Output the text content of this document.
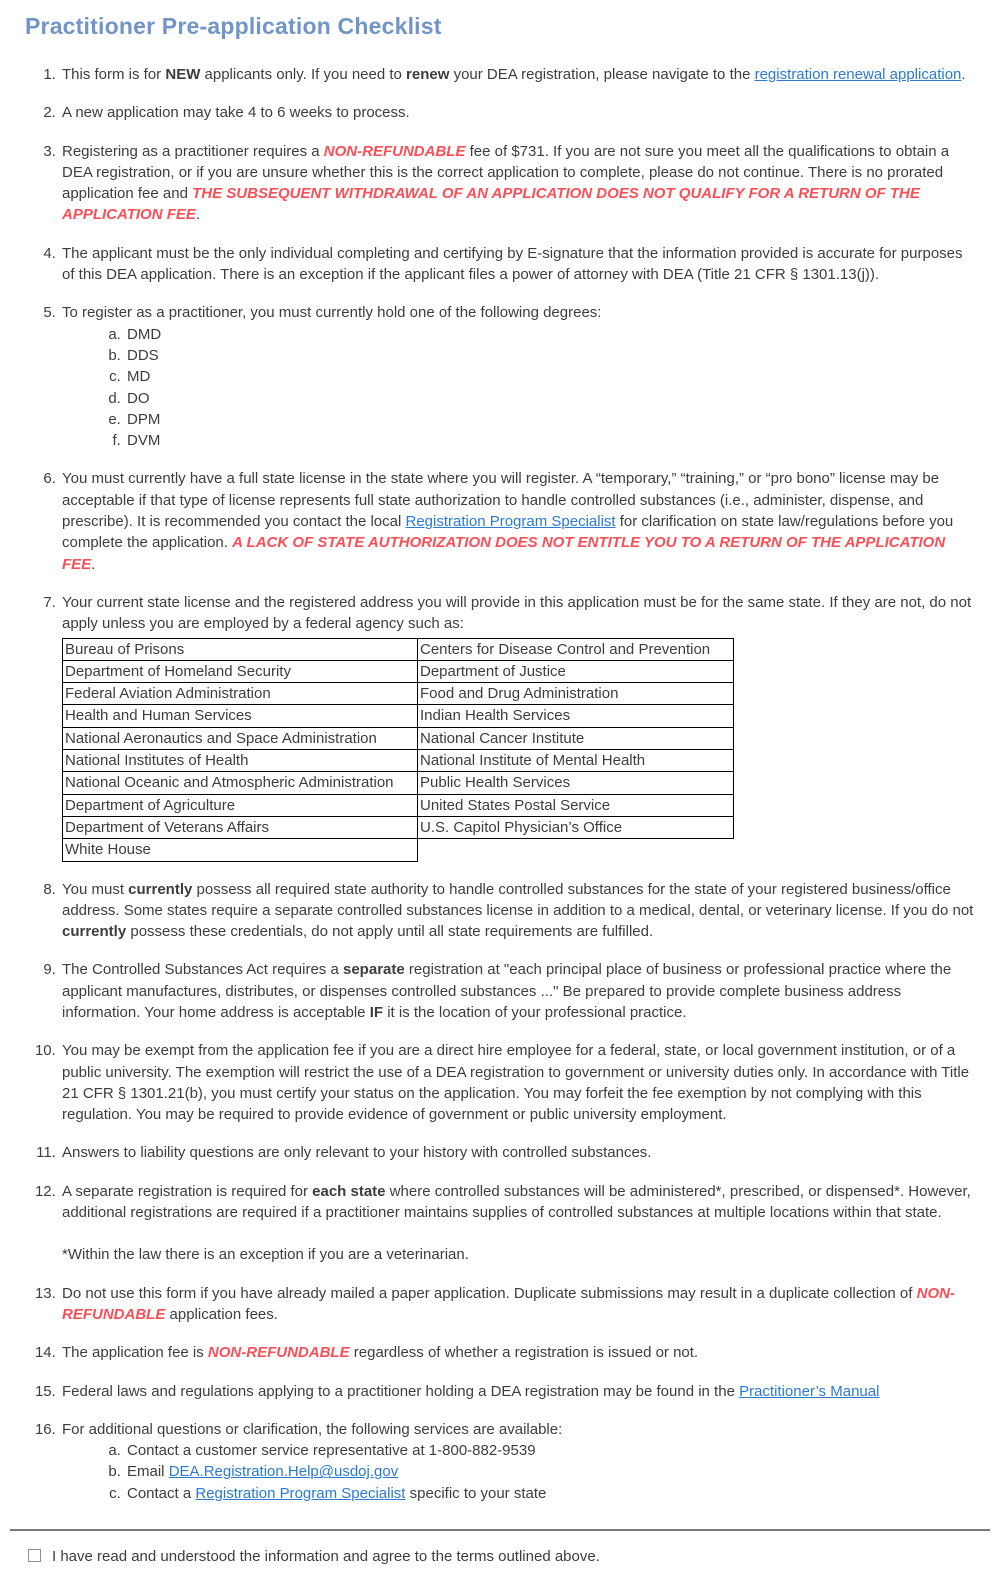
Practitioner Pre-application Checklist
1. This form is for NEW applicants only. If you need to renew your DEA registration, please navigate to the registration renewal application.
2. A new application may take 4 to 6 weeks to process.
3. Registering as a practitioner requires a NON-REFUNDABLE fee of $731. If you are not sure you meet all the qualifications to obtain a DEA registration, or if you are unsure whether this is the correct application to complete, please do not continue. There is no prorated application fee and THE SUBSEQUENT WITHDRAWAL OF AN APPLICATION DOES NOT QUALIFY FOR A RETURN OF THE APPLICATION FEE.
4. The applicant must be the only individual completing and certifying by E-signature that the information provided is accurate for purposes of this DEA application. There is an exception if the applicant files a power of attorney with DEA (Title 21 CFR § 1301.13(j)).
5. To register as a practitioner, you must currently hold one of the following degrees:
a. DMD
b. DDS
c. MD
d. DO
e. DPM
f. DVM
6. You must currently have a full state license in the state where you will register. A “temporary,” “training,” or “pro bono” license may be acceptable if that type of license represents full state authorization to handle controlled substances (i.e., administer, dispense, and prescribe). It is recommended you contact the local Registration Program Specialist for clarification on state law/regulations before you complete the application. A LACK OF STATE AUTHORIZATION DOES NOT ENTITLE YOU TO A RETURN OF THE APPLICATION FEE.
7. Your current state license and the registered address you will provide in this application must be for the same state. If they are not, do not apply unless you are employed by a federal agency such as:
Bureau of Prisons	Centers for Disease Control and Prevention
Department of Homeland Security	Department of Justice
Federal Aviation Administration	Food and Drug Administration
Health and Human Services	Indian Health Services
National Aeronautics and Space Administration	National Cancer Institute
National Institutes of Health	National Institute of Mental Health
National Oceanic and Atmospheric Administration	Public Health Services
Department of Agriculture	United States Postal Service
Department of Veterans Affairs	U.S. Capitol Physician’s Office
White House	
8. You must currently possess all required state authority to handle controlled substances for the state of your registered business/office address. Some states require a separate controlled substances license in addition to a medical, dental, or veterinary license. If you do not currently possess these credentials, do not apply until all state requirements are fulfilled.
9. The Controlled Substances Act requires a separate registration at "each principal place of business or professional practice where the applicant manufactures, distributes, or dispenses controlled substances ..." Be prepared to provide complete business address information. Your home address is acceptable IF it is the location of your professional practice.
10. You may be exempt from the application fee if you are a direct hire employee for a federal, state, or local government institution, or of a public university. The exemption will restrict the use of a DEA registration to government or university duties only. In accordance with Title 21 CFR § 1301.21(b), you must certify your status on the application. You may forfeit the fee exemption by not complying with this regulation. You may be required to provide evidence of government or public university employment.
11. Answers to liability questions are only relevant to your history with controlled substances.
12. A separate registration is required for each state where controlled substances will be administered*, prescribed, or dispensed*. However, additional registrations are required if a practitioner maintains supplies of controlled substances at multiple locations within that state.
*Within the law there is an exception if you are a veterinarian.
13. Do not use this form if you have already mailed a paper application. Duplicate submissions may result in a duplicate collection of NON-REFUNDABLE application fees.
14. The application fee is NON-REFUNDABLE regardless of whether a registration is issued or not.
15. Federal laws and regulations applying to a practitioner holding a DEA registration may be found in the Practitioner’s Manual
16. For additional questions or clarification, the following services are available:
a. Contact a customer service representative at 1-800-882-9539
b. Email DEA.Registration.Help@usdoj.gov
c. Contact a Registration Program Specialist specific to your state
I have read and understood the information and agree to the terms outlined above.
